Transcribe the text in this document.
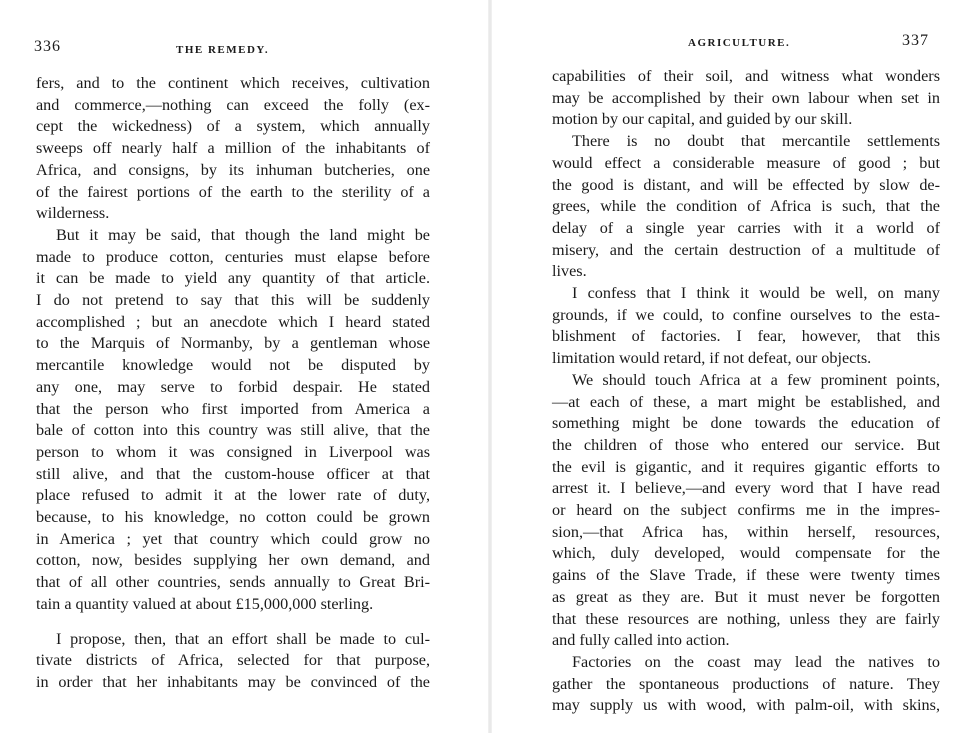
336	THE REMEDY.
fers, and to the continent which receives, cultivation
and commerce,—nothing can exceed the folly (ex-
cept the wickedness) of a system, which annually
sweeps off nearly half a million of the inhabitants of
Africa, and consigns, by its inhuman butcheries, one
of the fairest portions of the earth to the sterility of a
wilderness.
But it may be said, that though the land might be
made to produce cotton, centuries must elapse before
it can be made to yield any quantity of that article.
I do not pretend to say that this will be suddenly
accomplished ; but an anecdote which I heard stated
to the Marquis of Normanby, by a gentleman whose
mercantile knowledge would not be disputed by
any one, may serve to forbid despair. He stated
that the person who first imported from America a
bale of cotton into this country was still alive, that the
person to whom it was consigned in Liverpool was
still alive, and that the custom-house officer at that
place refused to admit it at the lower rate of duty,
because, to his knowledge, no cotton could be grown
in America ; yet that country which could grow no
cotton, now, besides supplying her own demand, and
that of all other countries, sends annually to Great Bri-
tain a quantity valued at about £15,000,000 sterling.
I propose, then, that an effort shall be made to cul-
tivate districts of Africa, selected for that purpose,
in order that her inhabitants may be convinced of the
AGRICULTURE.	337
capabilities of their soil, and witness what wonders
may be accomplished by their own labour when set in
motion by our capital, and guided by our skill.
There is no doubt that mercantile settlements
would effect a considerable measure of good ; but
the good is distant, and will be effected by slow de-
grees, while the condition of Africa is such, that the
delay of a single year carries with it a world of
misery, and the certain destruction of a multitude of
lives.
I confess that I think it would be well, on many
grounds, if we could, to confine ourselves to the esta-
blishment of factories. I fear, however, that this
limitation would retard, if not defeat, our objects.
We should touch Africa at a few prominent points,
—at each of these, a mart might be established, and
something might be done towards the education of
the children of those who entered our service. But
the evil is gigantic, and it requires gigantic efforts to
arrest it. I believe,—and every word that I have read
or heard on the subject confirms me in the impres-
sion,—that Africa has, within herself, resources,
which, duly developed, would compensate for the
gains of the Slave Trade, if these were twenty times
as great as they are. But it must never be forgotten
that these resources are nothing, unless they are fairly
and fully called into action.
Factories on the coast may lead the natives to
gather the spontaneous productions of nature. They
may supply us with wood, with palm-oil, with skins,
